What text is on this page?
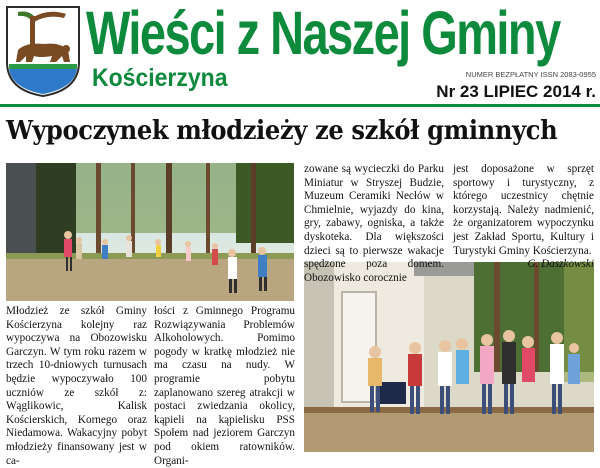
Wieści z Naszej Gminy
Kościerzyna	NUMER BEZPŁATNY ISSN 2083-0955
Nr 23 LIPIEC 2014 r.
Wypoczynek młodzieży ze szkół gminnych

Młodzież ze szkół Gminy Kościerzyna kolejny raz wypoczywa na Obozowisku Garczyn. W tym roku razem w trzech 10-dniowych turnusach będzie wypoczywało 100 uczniów ze szkół z: Wąglikowic, Kalisk Kościerskich, Kornego oraz Niedamowa. Wakacyjny pobyt młodzieży finansowany jest w ca-

łości z Gminnego Programu Rozwiązywania Problemów Alkoholowych. Pomimo pogody w kratkę młodzież nie ma czasu na nudy. W programie pobytu zaplanowano szereg atrakcji w postaci zwiedzania okolicy, kąpieli na kąpielisku PSS Społem nad jeziorem Garczyn pod okiem ratowników. Organi-

zowane są wycieczki do Parku Miniatur w Stryszej Budzie, Muzeum Ceramiki Necłów w Chmielnie, wyjazdy do kina, gry, zabawy, ogniska, a także dyskoteka. Dla większości dzieci są to pierwsze wakacje spędzone poza domem. Obozowisko corocznie

jest doposażone w sprzęt sportowy i turystyczny, z którego uczestnicy chętnie korzystają. Należy nadmienić, że organizatorem wypoczynku jest Zakład Sportu, Kultury i Turystyki Gminy Kościerzyna.

G. Daszkowski
